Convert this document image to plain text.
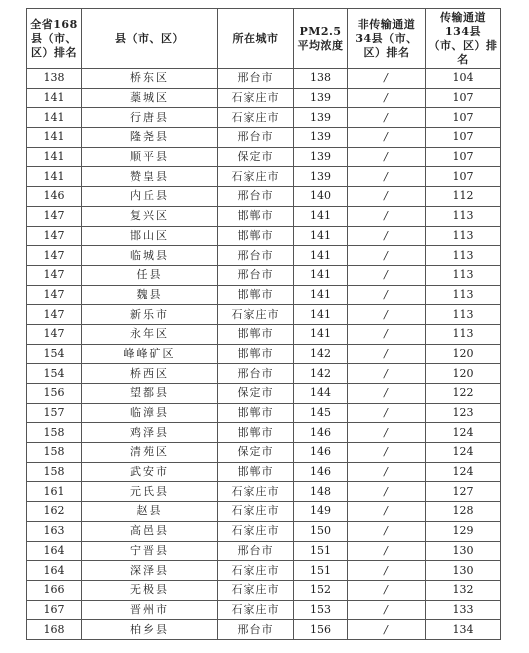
全省168县（市、区）排名	县（市、区）	所在城市	PM2.5平均浓度	非传输通道34县（市、区）排名	传输通道134县（市、区）排名
138	桥东区	邢台市	138	/	104
141	藁城区	石家庄市	139	/	107
141	行唐县	石家庄市	139	/	107
141	隆尧县	邢台市	139	/	107
141	顺平县	保定市	139	/	107
141	赞皇县	石家庄市	139	/	107
146	内丘县	邢台市	140	/	112
147	复兴区	邯郸市	141	/	113
147	邯山区	邯郸市	141	/	113
147	临城县	邢台市	141	/	113
147	任县	邢台市	141	/	113
147	魏县	邯郸市	141	/	113
147	新乐市	石家庄市	141	/	113
147	永年区	邯郸市	141	/	113
154	峰峰矿区	邯郸市	142	/	120
154	桥西区	邢台市	142	/	120
156	望都县	保定市	144	/	122
157	临漳县	邯郸市	145	/	123
158	鸡泽县	邯郸市	146	/	124
158	清苑区	保定市	146	/	124
158	武安市	邯郸市	146	/	124
161	元氏县	石家庄市	148	/	127
162	赵县	石家庄市	149	/	128
163	高邑县	石家庄市	150	/	129
164	宁晋县	邢台市	151	/	130
164	深泽县	石家庄市	151	/	130
166	无极县	石家庄市	152	/	132
167	晋州市	石家庄市	153	/	133
168	柏乡县	邢台市	156	/	134
